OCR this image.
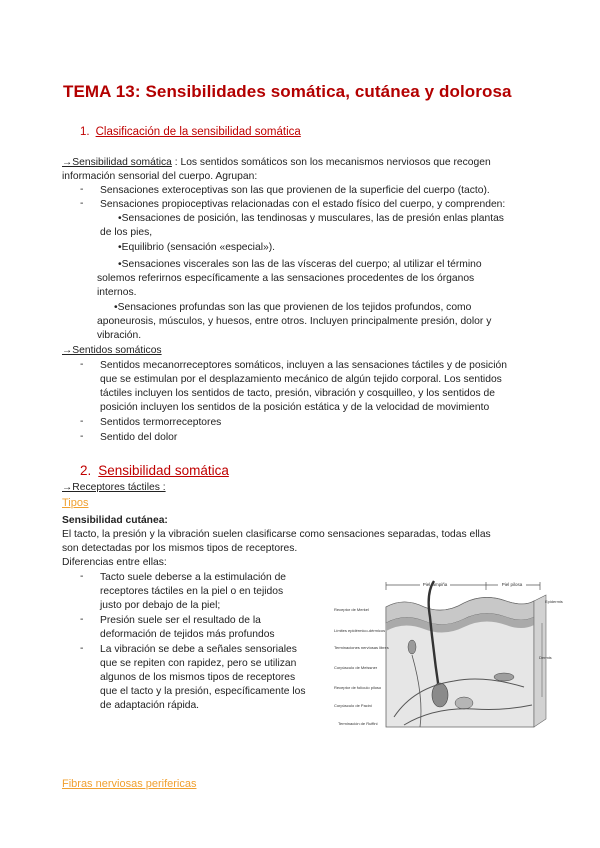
TEMA 13: Sensibilidades somática, cutánea y dolorosa
1. Clasificación de la sensibilidad somática
→Sensibilidad somática : Los sentidos somáticos son los mecanismos nerviosos que recogen
información sensorial del cuerpo. Agrupan:
- Sensaciones exteroceptivas son las que provienen de la superficie del cuerpo (tacto).
- Sensaciones propioceptivas relacionadas con el estado físico del cuerpo, y comprenden:
•Sensaciones de posición, las tendinosas y musculares, las de presión enlas plantas
de los pies,
•Equilibrio (sensación «especial»).
•Sensaciones viscerales son las de las vísceras del cuerpo; al utilizar el término
solemos referirnos específicamente a las sensaciones procedentes de los órganos
internos.
•Sensaciones profundas son las que provienen de los tejidos profundos, como
aponeurosis, músculos, y huesos, entre otros. Incluyen principalmente presión, dolor y
vibración.
→Sentidos somáticos
- Sentidos mecanorreceptores somáticos, incluyen a las sensaciones táctiles y de posición
que se estimulan por el desplazamiento mecánico de algún tejido corporal. Los sentidos
táctiles incluyen los sentidos de tacto, presión, vibración y cosquilleo, y los sentidos de
posición incluyen los sentidos de la posición estática y de la velocidad de movimiento
- Sentidos termorreceptores
- Sentido del dolor
2. Sensibilidad somática
→Receptores táctiles :
Tipos
Sensibilidad cutánea:
El tacto, la presión y la vibración suelen clasificarse como sensaciones separadas, todas ellas
son detectadas por los mismos tipos de receptores.
Diferencias entre ellas:
- Tacto suele deberse a la estimulación de
receptores táctiles en la piel o en tejidos
justo por debajo de la piel;
- Presión suele ser el resultado de la
deformación de tejidos más profundos
- La vibración se debe a señales sensoriales
que se repiten con rapidez, pero se utilizan
algunos de los mismos tipos de receptores
que el tacto y la presión, específicamente los
de adaptación rápida.
Piel lampiña	Piel pilosa
Receptor de Merkel
Límites epidérmico-dérmicos
Terminaciones nerviosas libres
Corpúsculo de Meissner
Receptor de folículo piloso
Corpúsculo de Pacini
Terminación de Ruffini
Epidermis
Dermis
Fibras nerviosas perifericas
